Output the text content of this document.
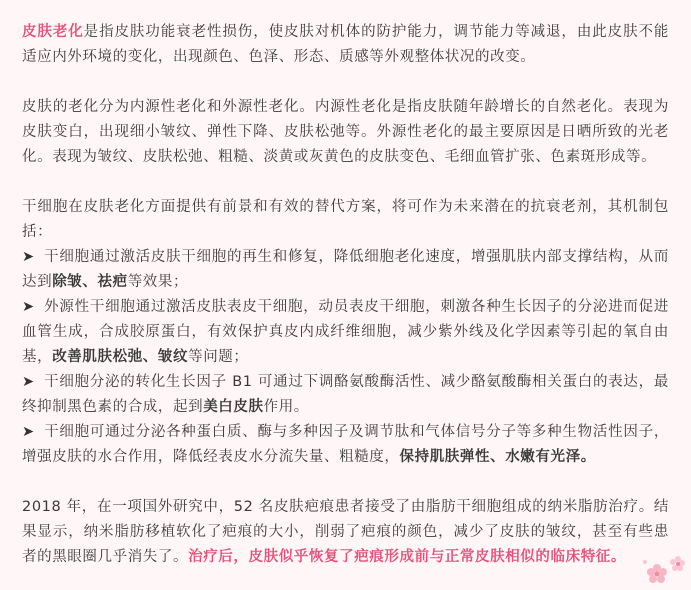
皮肤老化是指皮肤功能衰老性损伤，使皮肤对机体的防护能力，调节能力等减退，由此皮肤不能适应内外环境的变化，出现颜色、色泽、形态、质感等外观整体状况的改变。

皮肤的老化分为内源性老化和外源性老化。内源性老化是指皮肤随年龄增长的自然老化。表现为皮肤变白，出现细小皱纹、弹性下降、皮肤松弛等。外源性老化的最主要原因是日晒所致的光老化。表现为皱纹、皮肤松弛、粗糙、淡黄或灰黄色的皮肤变色、毛细血管扩张、色素斑形成等。

干细胞在皮肤老化方面提供有前景和有效的替代方案，将可作为未来潜在的抗衰老剂，其机制包括：

➤ 干细胞通过激活皮肤干细胞的再生和修复，降低细胞老化速度，增强肌肤内部支撑结构，从而达到除皱、祛疤等效果；

➤ 外源性干细胞通过激活皮肤表皮干细胞，动员表皮干细胞，刺激各种生长因子的分泌进而促进血管生成，合成胶原蛋白，有效保护真皮内成纤维细胞，减少紫外线及化学因素等引起的氧自由基，改善肌肤松弛、皱纹等问题；

➤ 干细胞分泌的转化生长因子 B1 可通过下调酪氨酸酶活性、减少酪氨酸酶相关蛋白的表达，最终抑制黑色素的合成，起到美白皮肤作用。

➤ 干细胞可通过分泌各种蛋白质、酶与多种因子及调节肽和气体信号分子等多种生物活性因子，增强皮肤的水合作用，降低经表皮水分流失量、粗糙度，保持肌肤弹性、水嫩有光泽。

2018 年，在一项国外研究中，52 名皮肤疤痕患者接受了由脂肪干细胞组成的纳米脂肪治疗。结果显示，纳米脂肪移植软化了疤痕的大小，削弱了疤痕的颜色，减少了皮肤的皱纹，甚至有些患者的黑眼圈几乎消失了。治疗后，皮肤似乎恢复了疤痕形成前与正常皮肤相似的临床特征。
